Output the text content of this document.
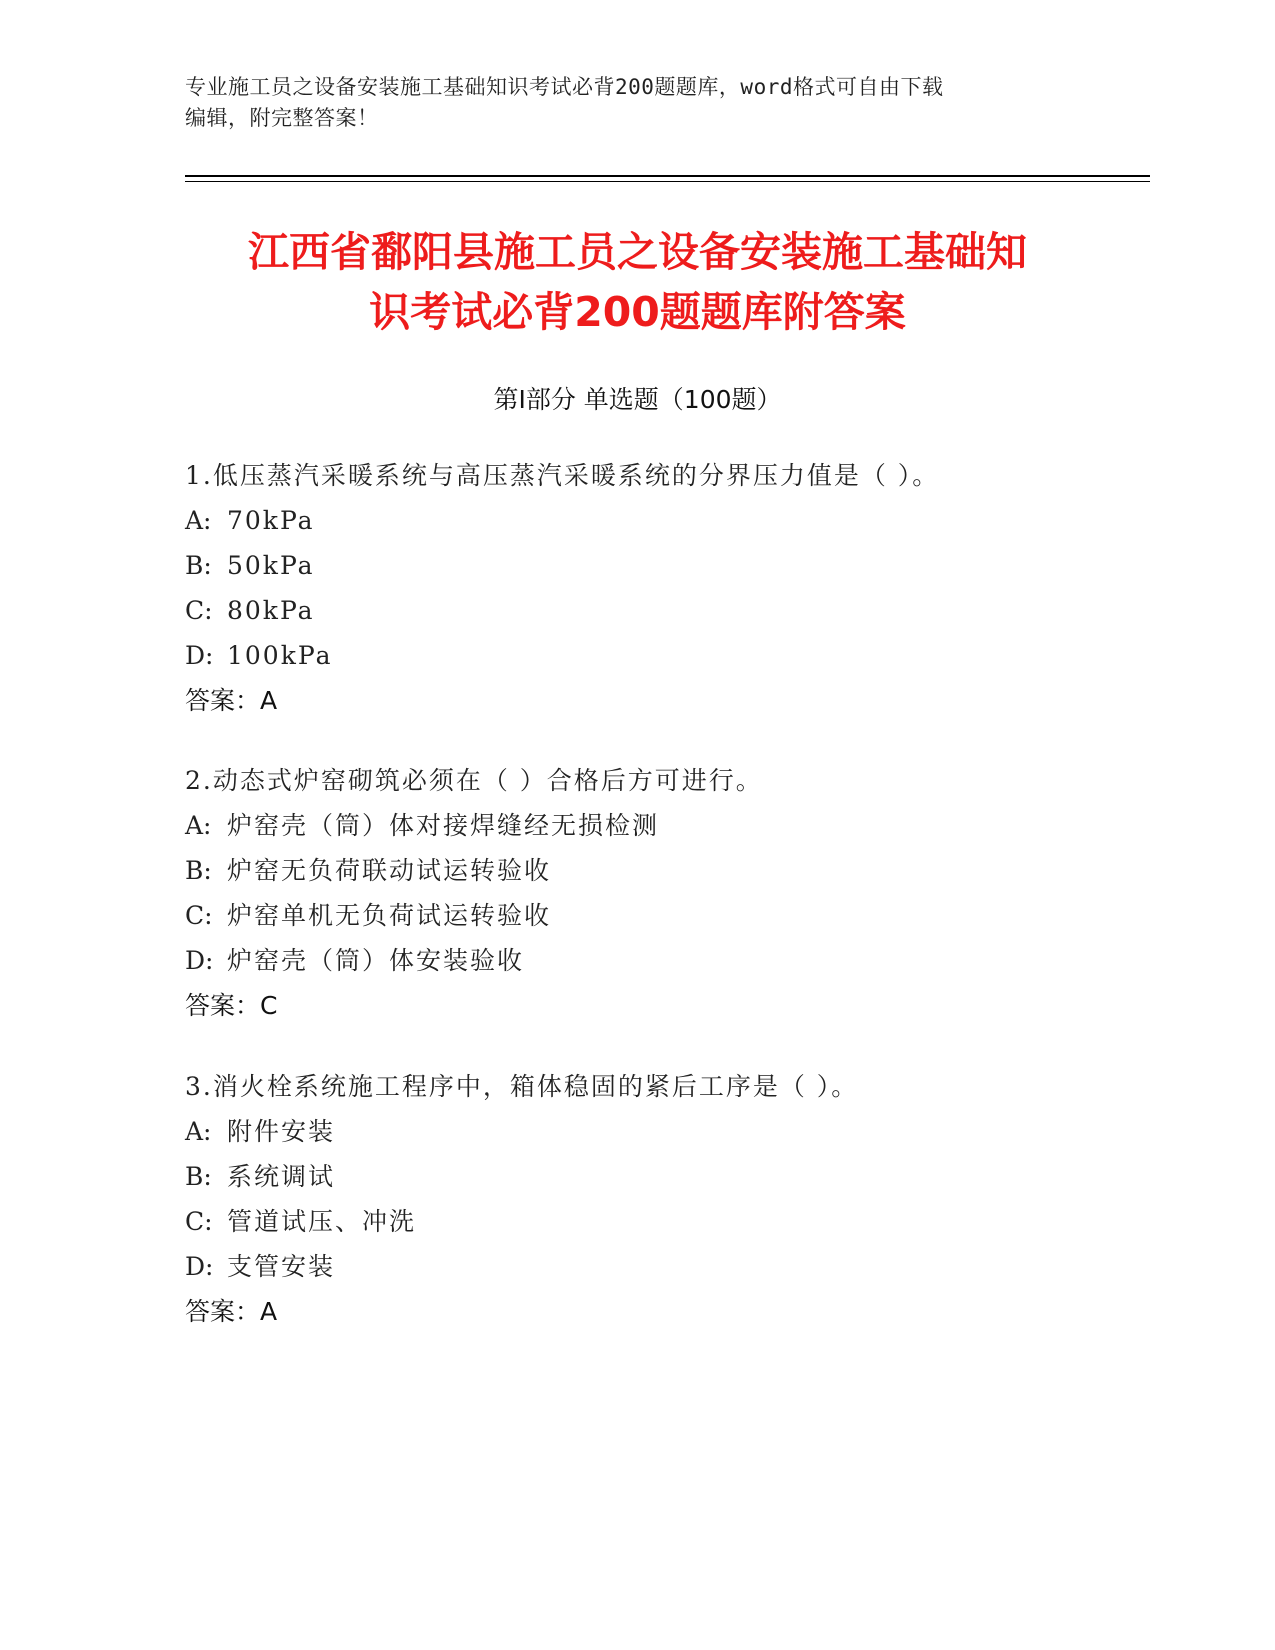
专业施工员之设备安装施工基础知识考试必背200题题库，word格式可自由下载
编辑，附完整答案！
江西省鄱阳县施工员之设备安装施工基础知
识考试必背200题题库附答案
第Ⅰ部分 单选题（100题）
1.低压蒸汽采暖系统与高压蒸汽采暖系统的分界压力值是（ ）。
A: 70kPa
B: 50kPa
C: 80kPa
D: 100kPa
答案：A
2.动态式炉窑砌筑必须在（ ）合格后方可进行。
A: 炉窑壳（筒）体对接焊缝经无损检测
B: 炉窑无负荷联动试运转验收
C: 炉窑单机无负荷试运转验收
D: 炉窑壳（筒）体安装验收
答案：C
3.消火栓系统施工程序中，箱体稳固的紧后工序是（ ）。
A: 附件安装
B: 系统调试
C: 管道试压、冲洗
D: 支管安装
答案：A
